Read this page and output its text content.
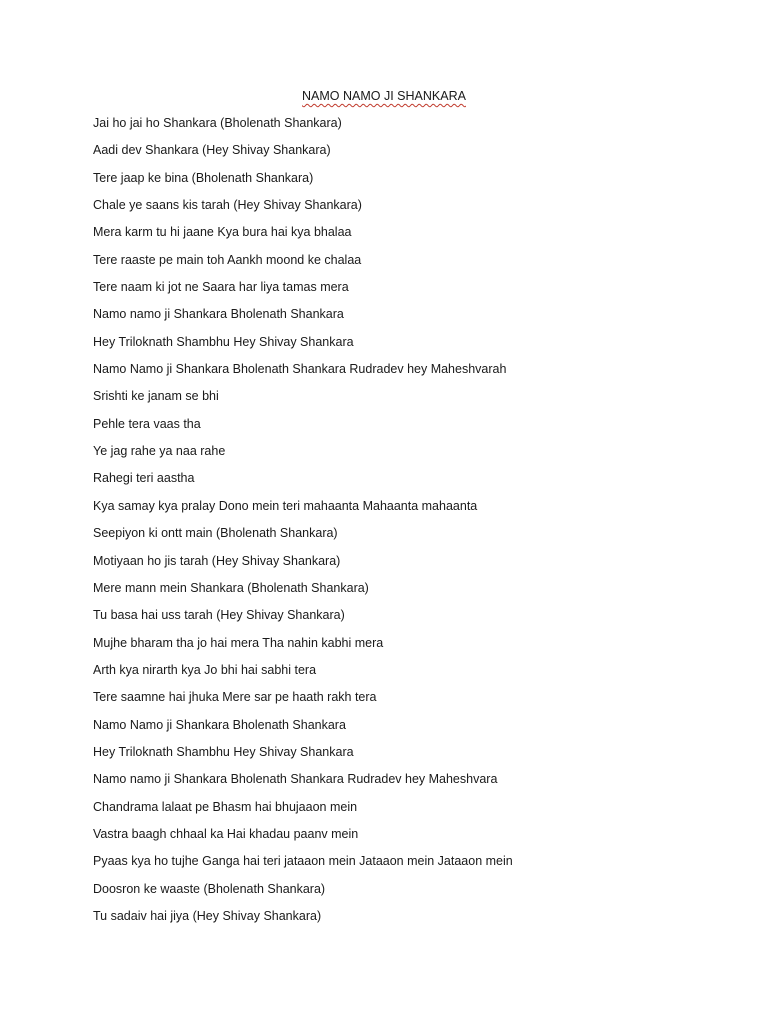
NAMO NAMO JI SHANKARA
Jai ho jai ho Shankara (Bholenath Shankara)
Aadi dev Shankara (Hey Shivay Shankara)
Tere jaap ke bina (Bholenath Shankara)
Chale ye saans kis tarah (Hey Shivay Shankara)
Mera karm tu hi jaane Kya bura hai kya bhalaa
Tere raaste pe main toh Aankh moond ke chalaa
Tere naam ki jot ne Saara har liya tamas mera
Namo namo ji Shankara Bholenath Shankara
Hey Triloknath Shambhu Hey Shivay Shankara
Namo Namo ji Shankara Bholenath Shankara Rudradev hey Maheshvarah
Srishti ke janam se bhi
Pehle tera vaas tha
Ye jag rahe ya naa rahe
Rahegi teri aastha
Kya samay kya pralay Dono mein teri mahaanta Mahaanta mahaanta
Seepiyon ki ontt main (Bholenath Shankara)
Motiyaan ho jis tarah (Hey Shivay Shankara)
Mere mann mein Shankara (Bholenath Shankara)
Tu basa hai uss tarah (Hey Shivay Shankara)
Mujhe bharam tha jo hai mera Tha nahin kabhi mera
Arth kya nirarth kya Jo bhi hai sabhi tera
Tere saamne hai jhuka Mere sar pe haath rakh tera
Namo Namo ji Shankara Bholenath Shankara
Hey Triloknath Shambhu Hey Shivay Shankara
Namo namo ji Shankara Bholenath Shankara Rudradev hey Maheshvara
Chandrama lalaat pe Bhasm hai bhujaaon mein
Vastra baagh chhaal ka Hai khadau paanv mein
Pyaas kya ho tujhe Ganga hai teri jataaon mein Jataaon mein Jataaon mein
Doosron ke waaste (Bholenath Shankara)
Tu sadaiv hai jiya (Hey Shivay Shankara)
